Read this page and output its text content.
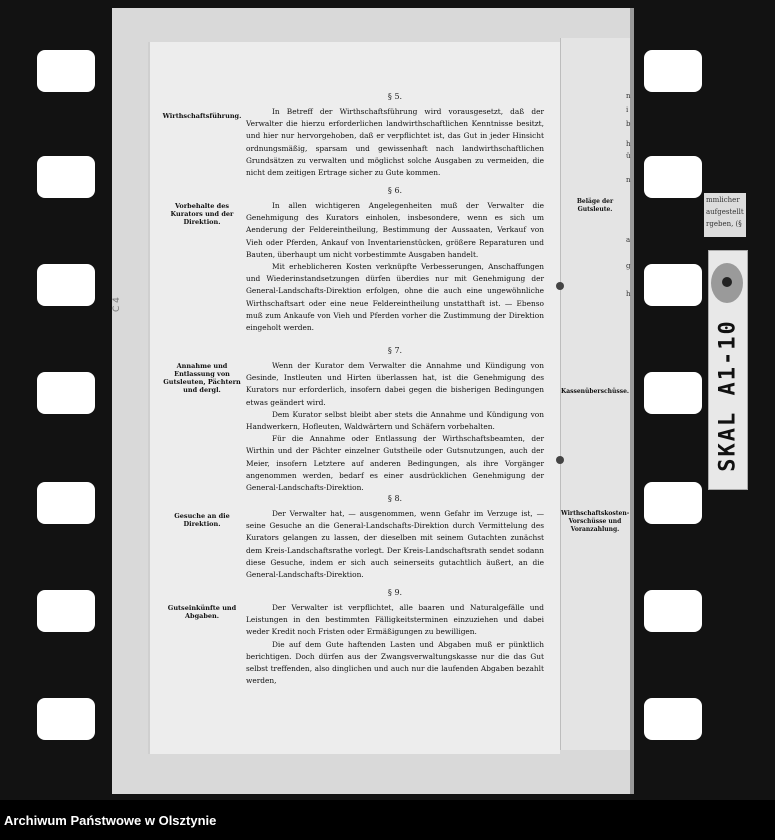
C 4
n
i
b
h
ü
n
mmlicher
aufgestellt
rgeben, (§
a
g
h
Beläge der Gutsleute.
Kassenüberschüsse.
Wirthschaftskosten-Vorschüsse und Voranzahlung.
SKAL A1-10
§ 5.
Wirthschaftsführung.	In Betreff der Wirthschaftsführung wird vorausgesetzt, daß der Verwalter die hierzu erforderlichen landwirthschaftlichen Kenntnisse besitzt, und hier nur hervorgehoben, daß er verpflichtet ist, das Gut in jeder Hinsicht ordnungsmäßig, sparsam und gewissenhaft nach landwirthschaftlichen Grundsätzen zu verwalten und möglichst solche Ausgaben zu vermeiden, die nicht dem zeitigen Ertrage sicher zu Gute kommen.

§ 6.
Vorbehalte des Kurators und der Direktion.

In allen wichtigeren Angelegenheiten muß der Verwalter die Genehmigung des Kurators einholen, insbesondere, wenn es sich um Aenderung der Feldereintheilung, Bestimmung der Aussaaten, Verkauf von Vieh oder Pferden, Ankauf von Inventarienstücken, größere Reparaturen und Bauten, überhaupt um nicht vorbestimmte Ausgaben handelt.

Mit erheblicheren Kosten verknüpfte Verbesserungen, Anschaffungen und Wiederinstandsetzungen dürfen überdies nur mit Genehmigung der General-Landschafts-Direktion erfolgen, ohne die auch eine ungewöhnliche Wirthschaftsart oder eine neue Feldereintheilung unstatthaft ist. — Ebenso muß zum Ankaufe von Vieh und Pferden vorher die Zustimmung der Direktion eingeholt werden.

§ 7.
Annahme und Entlassung von Gutsleuten, Pächtern und dergl.

Wenn der Kurator dem Verwalter die Annahme und Kündigung von Gesinde, Instleuten und Hirten überlassen hat, ist die Genehmigung des Kurators nur erforderlich, insofern dabei gegen die bisherigen Bedingungen etwas geändert wird.

Dem Kurator selbst bleibt aber stets die Annahme und Kündigung von Handwerkern, Hofleuten, Waldwärtern und Schäfern vorbehalten.

Für die Annahme oder Entlassung der Wirthschaftsbeamten, der Wirthin und der Pächter einzelner Gutstheile oder Gutsnutzungen, auch der Meier, insofern Letztere auf anderen Bedingungen, als ihre Vorgänger angenommen werden, bedarf es einer ausdrücklichen Genehmigung der General-Landschafts-Direktion.

§ 8.
Gesuche an die Direktion.

Der Verwalter hat, — ausgenommen, wenn Gefahr im Verzuge ist, — seine Gesuche an die General-Landschafts-Direktion durch Vermittelung des Kurators gelangen zu lassen, der dieselben mit seinem Gutachten zunächst dem Kreis-Landschaftsrathe vorlegt. Der Kreis-Landschaftsrath sendet sodann diese Gesuche, indem er sich auch seinerseits gutachtlich äußert, an die General-Landschafts-Direktion.

§ 9.
Gutseinkünfte und Abgaben.

Der Verwalter ist verpflichtet, alle baaren und Naturalgefälle und Leistungen in den bestimmten Fälligkeitsterminen einzuziehen und dabei weder Kredit noch Fristen oder Ermäßigungen zu bewilligen.

Die auf dem Gute haftenden Lasten und Abgaben muß er pünktlich berichtigen. Doch dürfen aus der Zwangsverwaltungskasse nur die das Gut selbst treffenden, also dinglichen und auch nur die laufenden Abgaben bezahlt werden,

Archiwum Państwowe w Olsztynie
